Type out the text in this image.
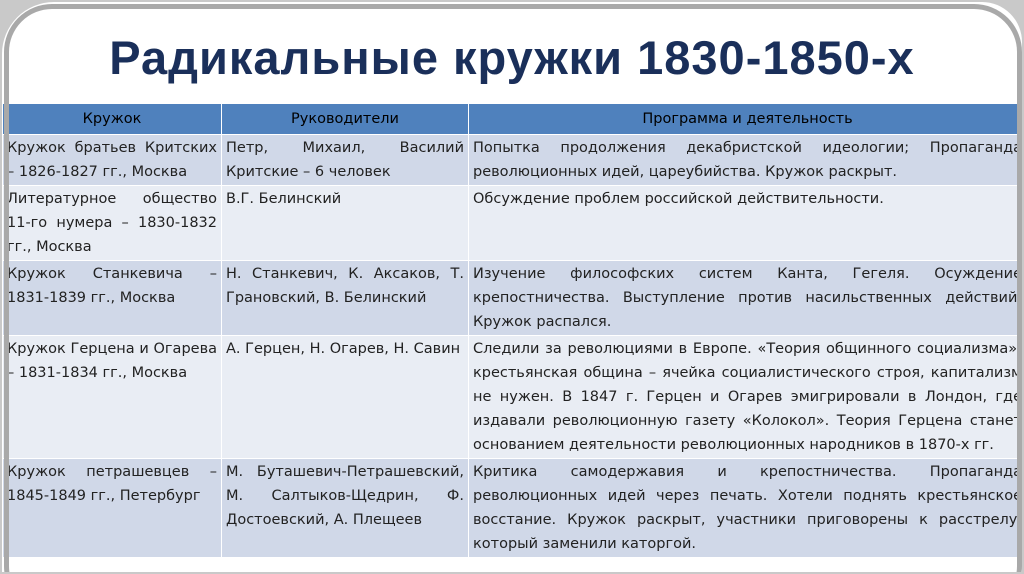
Радикальные кружки 1830-1850-х
Кружок	Руководители	Программа и деятельность
Кружок братьев Критских – 1826-1827 гг., Москва	Петр, Михаил, Василий Критские – 6 человек	Попытка продолжения декабристской идеологии; Пропаганда революционных идей, цареубийства. Кружок раскрыт.
Литературное общество 11-го нумера – 1830-1832 гг., Москва	В.Г. Белинский	Обсуждение проблем российской действительности.
Кружок Станкевича – 1831-1839 гг., Москва	Н. Станкевич, К. Аксаков, Т. Грановский, В. Белинский	Изучение философских систем Канта, Гегеля. Осуждение крепостничества. Выступление против насильственных действий. Кружок распался.
Кружок Герцена и Огарева – 1831-1834 гг., Москва	А. Герцен, Н. Огарев, Н. Савин	Следили за революциями в Европе. «Теория общинного социализма»: крестьянская община – ячейка социалистического строя, капитализм не нужен. В 1847 г. Герцен и Огарев эмигрировали в Лондон, где издавали революционную газету «Колокол». Теория Герцена станет основанием деятельности революционных народников в 1870-х гг.
Кружок петрашевцев – 1845-1849 гг., Петербург	М. Буташевич-Петрашевский, М. Салтыков-Щедрин, Ф. Достоевский, А. Плещеев	Критика самодержавия и крепостничества. Пропаганда революционных идей через печать. Хотели поднять крестьянское восстание. Кружок раскрыт, участники приговорены к расстрелу, который заменили каторгой.
